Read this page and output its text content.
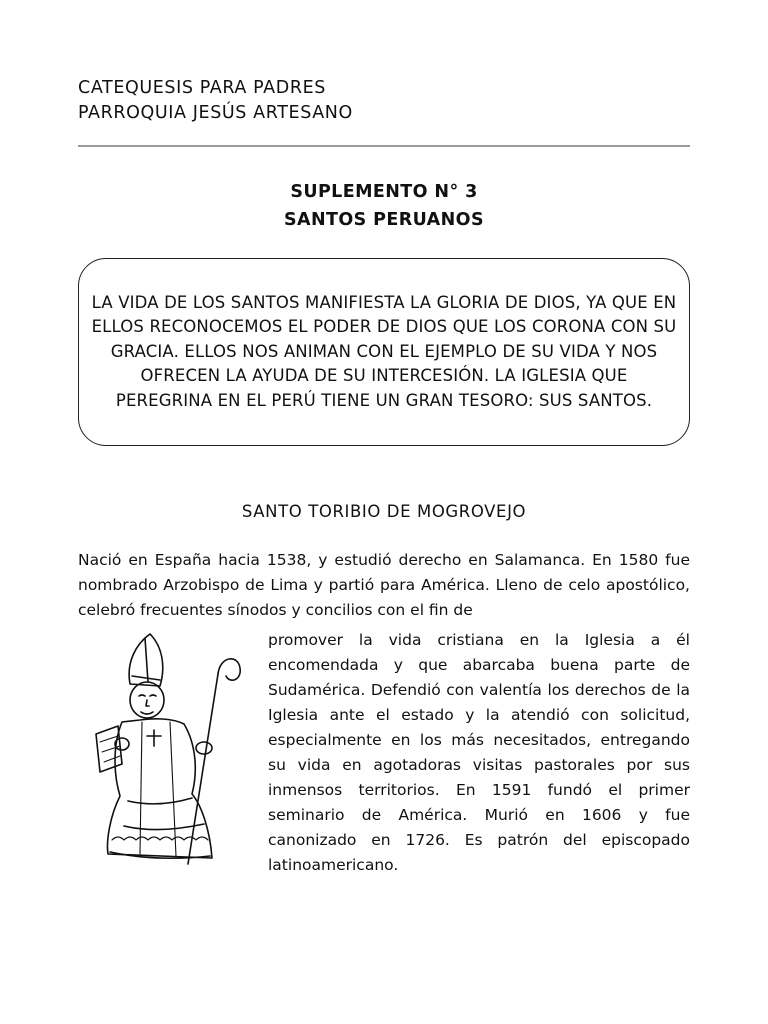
CATEQUESIS PARA PADRES
PARROQUIA JESÚS ARTESANO
SUPLEMENTO N° 3
SANTOS PERUANOS

LA VIDA DE LOS SANTOS MANIFIESTA LA GLORIA DE DIOS, YA QUE EN ELLOS RECONOCEMOS EL PODER DE DIOS QUE LOS CORONA CON SU GRACIA. ELLOS NOS ANIMAN CON EL EJEMPLO DE SU VIDA Y NOS OFRECEN LA AYUDA DE SU INTERCESIÓN. LA IGLESIA QUE PEREGRINA EN EL PERÚ TIENE UN GRAN TESORO: SUS SANTOS.

SANTO TORIBIO DE MOGROVEJO
Nació en España hacia 1538, y estudió derecho en Salamanca. En 1580 fue nombrado Arzobispo de Lima y partió para América. Lleno de celo apostólico, celebró frecuentes sínodos y concilios con el fin de
promover la vida cristiana en la Iglesia a él encomendada y que abarcaba buena parte de Sudamérica. Defendió con valentía los derechos de la Iglesia ante el estado y la atendió con solicitud, especialmente en los más necesitados, entregando su vida en agotadoras visitas pastorales por sus inmensos territorios. En 1591 fundó el primer seminario de América. Murió en 1606 y fue canonizado en 1726. Es patrón del episcopado latinoamericano.
